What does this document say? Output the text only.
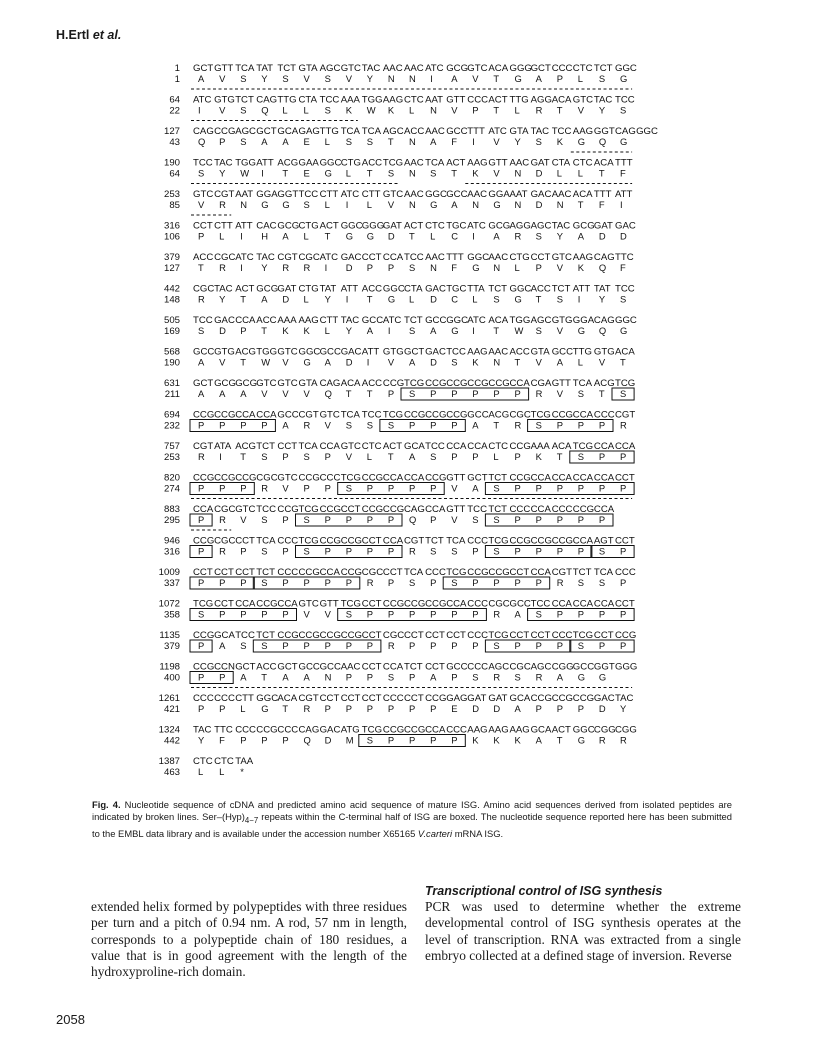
H.Ertl et al.
1
1
GCT GTT TCA TAT TCT GTA AGC GTC TAC AAC AAC ATC GCG GTC ACA GGG
GCT CCC CTC TCT GGC
A V S Y S V S V Y N N I A V T G A P L S G
64
22
ATC GTG TCT CAG TTG CTA TCC AAA TGG AAG CTC AAT GTT CCC ACT TTG AGG ACA GTC TAC TCC
I V S Q L L S K W K L N V P T L R T V Y S
127
43
CAG CCG AGC GCT GCA GAG TTG TCA TCA AGC ACC AAC GCC TTT ATC GTA TAC TCC AAG GGT CAG GGC
Q P S A A E L S S T N A F I V Y S K G Q G
190
64
TCC TAC TGG ATT ACG GAA GGC CTG ACC TCG AAC TCA ACT AAG GTT AAC GAT CTA CTC ACA TTT
S Y W I T E G L T S N S T K V N D L L T F
253
85
GTC CGT AAT GGA GGT TCC CTT ATC CTT GTC AAC GGC GCC AAC GGA AAT GAC AAC ACA TTT ATT
V R N G G S L I L V N G A N G N D N T F I
316
106
CCT CTT ATT CAC GCG CTG ACT GGC GGG
GAT ACT CTC TGC ATC GCG AGG AGC TAC GCG GAT GAC
P L I H A L T G G D T L C I A R S Y A D D
379
127
ACC CGC ATC TAC CGT CGC ATC GAC CCT CCA TCC AAC TTT GGC AAC CTG CCT GTC AAG CAG TTC
T R I Y R R I D P P S N F G N L P V K Q F
442
148
CGC TAC ACT GCG GAT CTG TAT ATT ACC GGC CTA GAC TGC TTA TCT GGC ACC TCT ATT TAT TCC
R Y T A D L Y I T G L D C L S G T S I Y S
505
169
TCC GAC CCA ACC AAA AAG CTT TAC GCC ATC TCT GCC GGC ATC ACA TGG AGC GTG GGA CAG GGC
S D P T K K L Y A I S A G I T W S V G Q G
568
190
GCC GTG ACG TGG GTC GGC GCC GAC ATT GTG GCT GAC TCC AAG AAC ACC GTA GCC TTG GTG ACA
A V T W V G A D I V A D S K N T V A L V T
631
211
GCT GCG GCG GTC GTC GTA CAG ACA ACC CCG TCG CCG CCG CCG CCG CCA CGA GTT TCA ACG TCG
A A A V V V Q T T P S P P P P P R V S T S
694
232
CCG CCG CCA CCA GCC CGT GTC TCA TCC TCG CCG CCG CCG GCC ACG CGC TCG CCG CCA CCC CGT
P P P P A R V S S S P P P A T R S P P P R
757
253
CGT ATA ACG TCT CCT TCA CCA GTC CTC ACT GCA TCC CCA CCA CTC CCG AAA ACA TCG CCA CCA
R I T S P S P V L T A S P P L P K T S P P
820
274
CCG CCG CCG CGC GTC CCG CCC TCG CCG CCA CCA CCG GTT GCT TCT CCG CCA CCA CCA CCA CCT
P P P R V P P S P P P P V A S P P P P P P
883
295
CCA CGC GTC TCC CCG TCG CCG CCT CCG CCG CAG CCA GTT TCC TCT CCC CCA CCC CCG CCA
P R V S P S P P P P Q P V S S P P P P P
946
316
CCG CGC CCT TCA CCC TCG CCG CCG CCT CCA CGT TCT TCA CCC TCG CCG CCG CCG CCA AGT CCT
P R P S P S P P P P R S S P S P P P P S P
1009
337
CCT CCT CCT TCT CCC CCG CCA CCG CGC CCT TCA CCC TCG CCG CCG CCT CCA CGT TCT TCA CCC
P P P S P P P P R P S P S P P P P R S S P
1072
358
TCG CCT CCA CCG CCA GTC GTT TCG CCT CCG CCG CCG CCA CCC CGC GCC TCC CCA CCA CCA CCT
S P P P P V V S P P P P P P R A S P P P P
1135
379
CCG GCA TCC TCT CCG CCG CCG CCG CCT CGC CCT CCT CCT CCC TCG CCT CCT CCC TCG CCT CCG
P A S S P P P P P R P P P P S P P P S P P
1198
400
CCG CCN GCT ACC GCT GCC GCC AAC CCT CCA TCT CCT GCC CCC AGC CGC AGC CGG GCC GGT GGG
P P A T A A N P P S P A P S R S R A G G
1261
421
CCC CCC CTT GGC ACA CGT CCT CCT CCT CCC CCT CCG GAG GAT GAT GCA CCG CCG CCG GAC TAC
P P L G T R P P P P P P E D D A P P P D Y
1324
442
TAC TTC CCC CCG CCC CAG GAC ATG TCG CCG CCG CCA CCC AAG AAG AAG GCA ACT GGC CGG CGG
Y F P P P Q D M S P P P P K K K A T G R R
1387
463
CTC CTC TAA
L L *
Fig. 4. Nucleotide sequence of cDNA and predicted amino acid sequence of mature ISG. Amino acid sequences derived from isolated peptides are indicated by broken lines. Ser–$(Hyp)_{4-7}$ repeats within the C-terminal half of ISG are boxed. The nucleotide sequence reported here has been submitted to the EMBL data library and is available under the accession number X65165 V.carteri mRNA ISG.
extended helix formed by polypeptides with three residues per turn and a pitch of 0.94 nm. A rod, 57 nm in length, corresponds to a polypeptide chain of 180 residues, a value that is in good agreement with the length of the hydroxyproline-rich domain.
Transcriptional control of ISG synthesis
PCR was used to determine whether the extreme developmental control of ISG synthesis operates at the level of transcription. RNA was extracted from a single embryo collected at a defined stage of inversion. Reverse
2058
